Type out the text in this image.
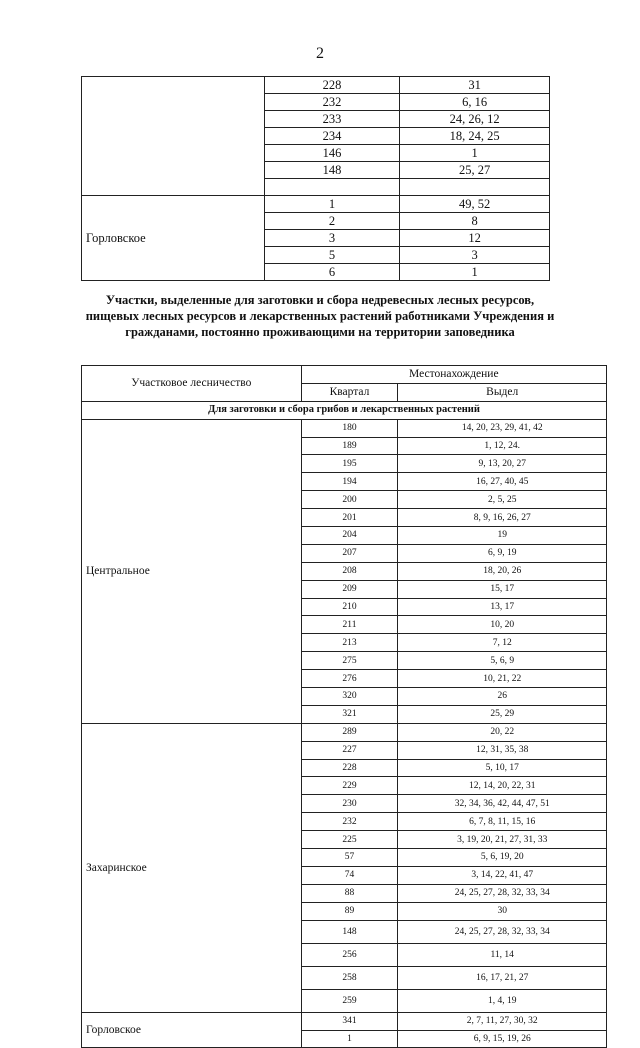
2
	228	31
	232	6, 16
	233	24, 26, 12
	234	18, 24, 25
	146	1
	148	25, 27

Горловское	1	49, 52
	2	8
	3	12
	5	3
	6	1
Участки, выделенные для заготовки и сбора недревесных лесных ресурсов,
пищевых лесных ресурсов и лекарственных растений работниками Учреждения и
гражданами, постоянно проживающими на территории заповедника
Участковое лесничество	Местонахождение	
	Квартал	Выдел
Для заготовки и сбора грибов и лекарственных растений		
Центральное	180	14, 20, 23, 29, 41, 42
	189	1, 12, 24.
	195	9, 13, 20, 27
	194	16, 27, 40, 45
	200	2, 5, 25
	201	8, 9, 16, 26, 27
	204	19
	207	6, 9, 19
	208	18, 20, 26
	209	15, 17
	210	13, 17
	211	10, 20
	213	7, 12
	275	5, 6, 9
	276	10, 21, 22
	320	26
	321	25, 29
Захаринское	289	20, 22
	227	12, 31, 35, 38
	228	5, 10, 17
	229	12, 14, 20, 22, 31
	230	32, 34, 36, 42, 44, 47, 51
	232	6, 7, 8, 11, 15, 16
	225	3, 19, 20, 21, 27, 31, 33
	57	5, 6, 19, 20
	74	3, 14, 22, 41, 47
	88	24, 25, 27, 28, 32, 33, 34
	89	30
	148	24, 25, 27, 28, 32, 33, 34
	256	11, 14
	258	16, 17, 21, 27
	259	1, 4, 19
Горловское	341	2, 7, 11, 27, 30, 32
	1	6, 9, 15, 19, 26
